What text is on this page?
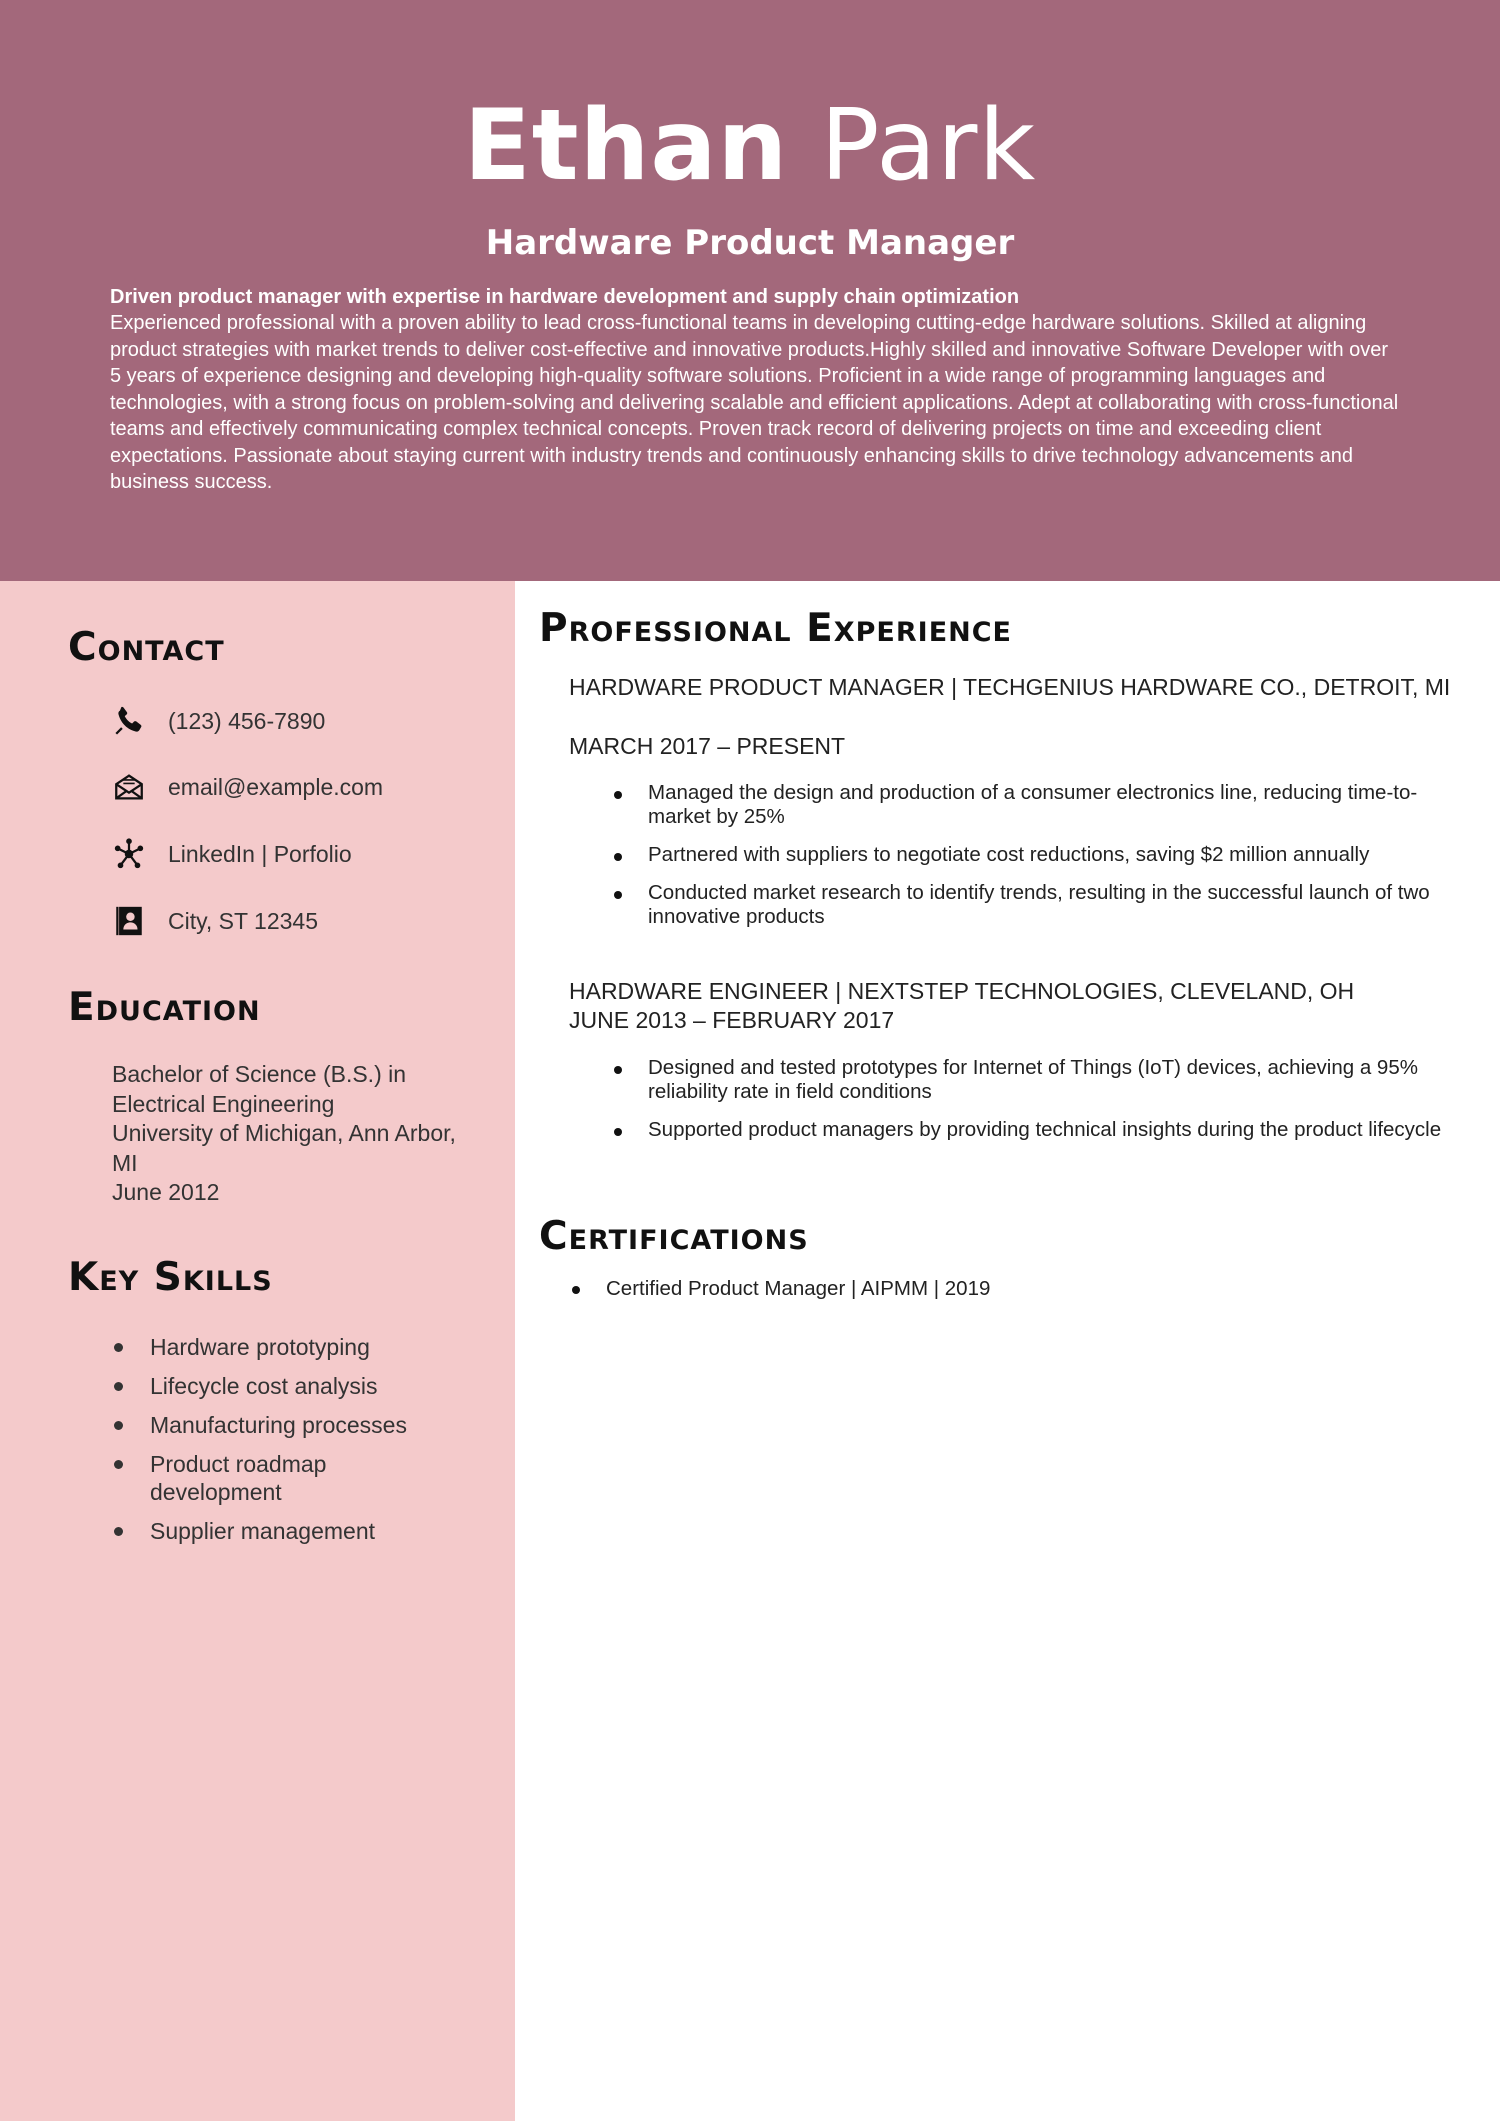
Ethan Park
Hardware Product Manager
Driven product manager with expertise in hardware development and supply chain optimization
Experienced professional with a proven ability to lead cross-functional teams in developing cutting-edge hardware solutions. Skilled at aligning product strategies with market trends to deliver cost-effective and innovative products.Highly skilled and innovative Software Developer with over 5 years of experience designing and developing high-quality software solutions. Proficient in a wide range of programming languages and technologies, with a strong focus on problem-solving and delivering scalable and efficient applications. Adept at collaborating with cross-functional teams and effectively communicating complex technical concepts. Proven track record of delivering projects on time and exceeding client expectations. Passionate about staying current with industry trends and continuously enhancing skills to drive technology advancements and business success.
Contact
(123) 456-7890
email@example.com
LinkedIn | Porfolio
City, ST 12345
Education
Bachelor of Science (B.S.) in Electrical Engineering
University of Michigan, Ann Arbor, MI
June 2012
Key Skills
Hardware prototyping
Lifecycle cost analysis
Manufacturing processes
Product roadmap development
Supplier management
Professional Experience
HARDWARE PRODUCT MANAGER | TECHGENIUS HARDWARE CO., DETROIT, MI
MARCH 2017 – PRESENT
Managed the design and production of a consumer electronics line, reducing time-to-market by 25%
Partnered with suppliers to negotiate cost reductions, saving $2 million annually
Conducted market research to identify trends, resulting in the successful launch of two innovative products
HARDWARE ENGINEER | NEXTSTEP TECHNOLOGIES, CLEVELAND, OH
JUNE 2013 – FEBRUARY 2017
Designed and tested prototypes for Internet of Things (IoT) devices, achieving a 95% reliability rate in field conditions
Supported product managers by providing technical insights during the product lifecycle
Certifications
Certified Product Manager | AIPMM | 2019
